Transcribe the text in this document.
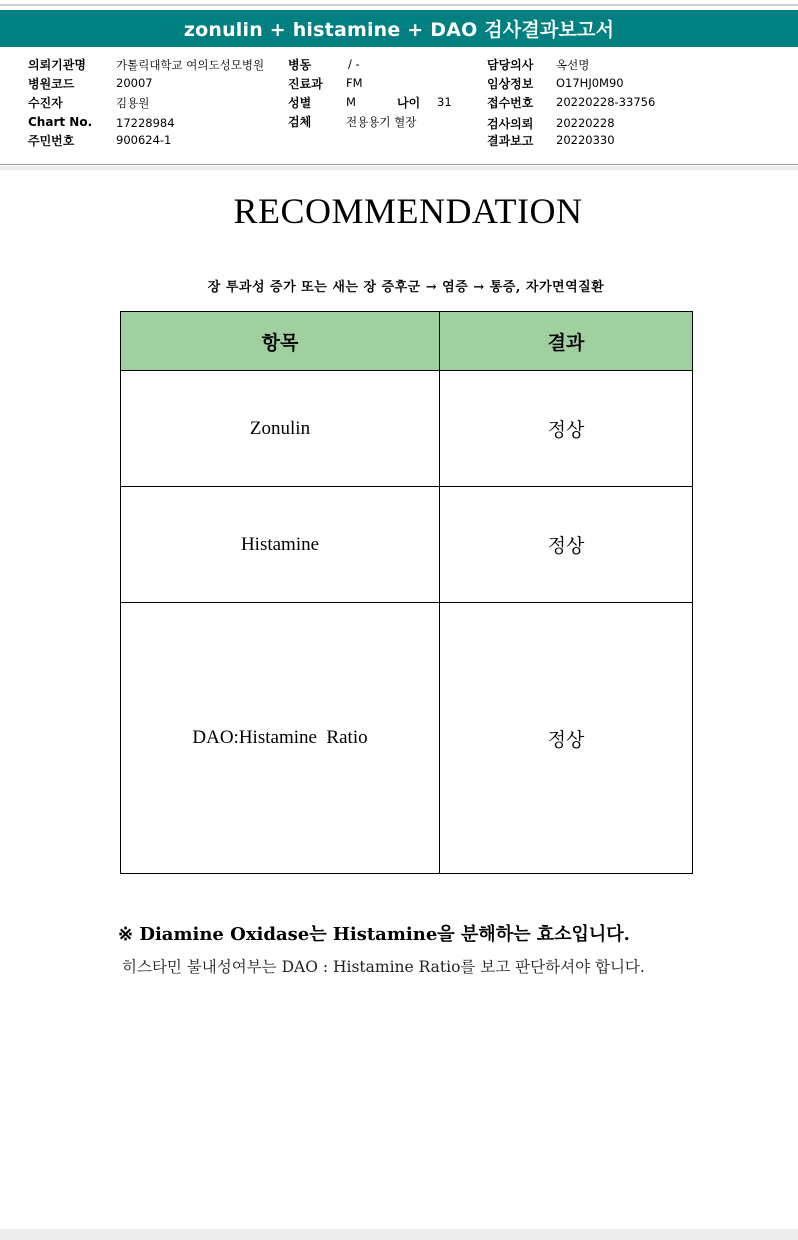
zonulin + histamine + DAO 검사결과보고서
의뢰기관명	가톨릭대학교 여의도성모병원
병원코드	20007
수진자	김용원
Chart No. 17228984
주민번호	900624-1
병동	/ -
진료과 FM
성별	M	나이 31
검체	전용용기 혈장
담당의사 옥선명
임상정보 O17HJ0M90
접수번호 20220228-33756
검사의뢰 20220228
결과보고 20220330
RECOMMENDATION
장 투과성 증가 또는 새는 장 증후군 → 염증 → 통증, 자가면역질환
항목	결과
Zonulin	정상
Histamine	정상
DAO:Histamine  Ratio	정상
※ Diamine Oxidase는 Histamine을 분해하는 효소입니다.
히스타민 불내성여부는 DAO : Histamine Ratio를 보고 판단하셔야 합니다.
